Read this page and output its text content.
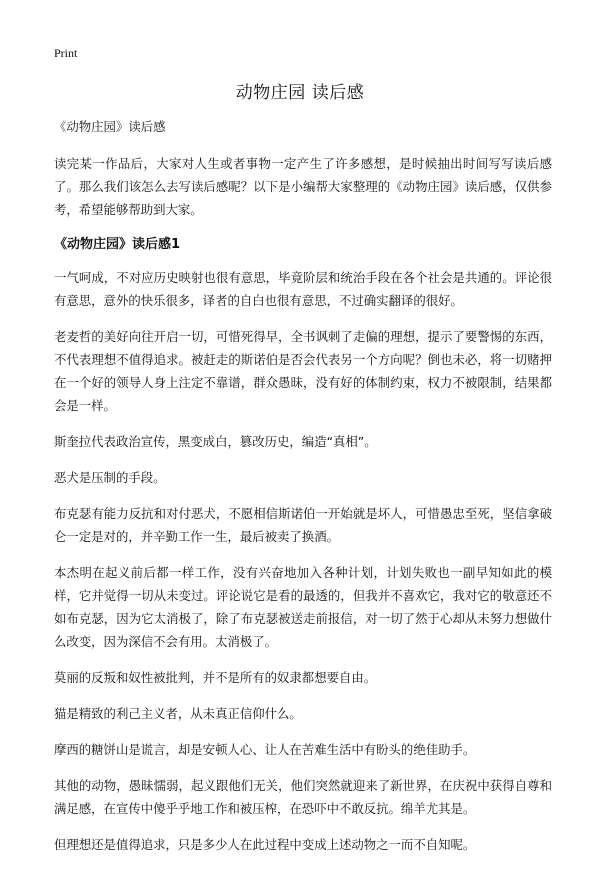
Print
动物庄园 读后感

《动物庄园》读后感

读完某一作品后，大家对人生或者事物一定产生了许多感想，是时候抽出时间写写读后感了。那么我们该怎么去写读后感呢？以下是小编帮大家整理的《动物庄园》读后感，仅供参考，希望能够帮助到大家。

《动物庄园》读后感1

一气呵成，不对应历史映射也很有意思，毕竟阶层和统治手段在各个社会是共通的。评论很有意思，意外的快乐很多，译者的自白也很有意思，不过确实翻译的很好。

老麦哲的美好向往开启一切，可惜死得早，全书讽刺了走偏的理想，提示了要警惕的东西，不代表理想不值得追求。被赶走的斯诺伯是否会代表另一个方向呢？倒也未必，将一切赌押在一个好的领导人身上注定不靠谱，群众愚昧，没有好的体制约束，权力不被限制，结果都会是一样。

斯奎拉代表政治宣传，黑变成白，篡改历史，编造“真相”。

恶犬是压制的手段。

布克瑟有能力反抗和对付恶犬，不愿相信斯诺伯一开始就是坏人，可惜愚忠至死，坚信拿破仑一定是对的，并辛勤工作一生，最后被卖了换酒。

本杰明在起义前后都一样工作，没有兴奋地加入各种计划，计划失败也一副早知如此的模样，它并觉得一切从未变过。评论说它是看的最透的，但我并不喜欢它，我对它的敬意还不如布克瑟，因为它太消极了，除了布克瑟被送走前报信，对一切了然于心却从未努力想做什么改变，因为深信不会有用。太消极了。

莫丽的反叛和奴性被批判，并不是所有的奴隶都想要自由。

猫是精致的利己主义者，从未真正信仰什么。

摩西的糖饼山是谎言，却是安顿人心、让人在苦难生活中有盼头的绝佳助手。

其他的动物，愚昧懦弱，起义跟他们无关，他们突然就迎来了新世界，在庆祝中获得自尊和满足感，在宣传中傻乎乎地工作和被压榨，在恐吓中不敢反抗。绵羊尤其是。

但理想还是值得追求，只是多少人在此过程中变成上述动物之一而不自知呢。
